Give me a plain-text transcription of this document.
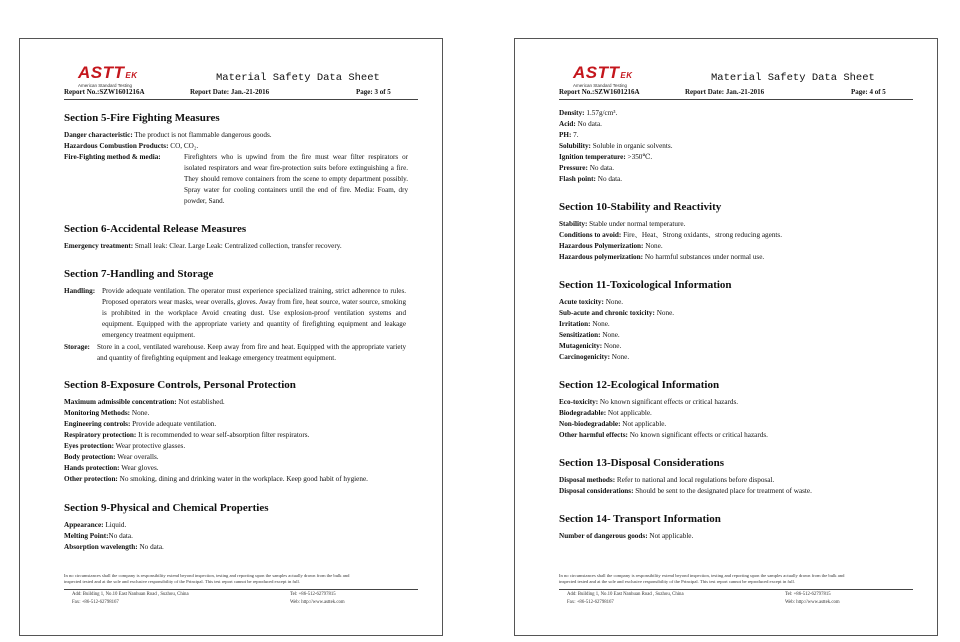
ASTTEK
American Standard Testing
Material Safety Data Sheet
Report No.:SZW1601216A	Report Date: Jan.-21-2016	Page: 3 of 5
Section 5-Fire Fighting Measures
Danger characteristic: The product is not flammable dangerous goods.
Hazardous Combustion Products: CO, CO₂.
Fire-Fighting method & media:	Firefighters who is upwind from the fire must wear filter respirators or isolated respirators and wear fire-protection suits before extinguishing a fire. They should remove containers from the scene to empty department possibly. Spray water for cooling containers until the end of fire. Media: Foam, dry powder, Sand.
Section 6-Accidental Release Measures
Emergency treatment: Small leak: Clear. Large Leak: Centralized collection, transfer recovery.
Section 7-Handling and Storage
Handling: Provide adequate ventilation. The operator must experience specialized training, strict adherence to rules. Proposed operators wear masks, wear overalls, gloves. Away from fire, heat source, water source, smoking is prohibited in the workplace Avoid creating dust. Use explosion-proof ventilation systems and equipment. Equipped with the appropriate variety and quantity of firefighting equipment and leakage emergency treatment equipment.
Storage: Store in a cool, ventilated warehouse. Keep away from fire and heat. Equipped with the appropriate variety and quantity of firefighting equipment and leakage emergency treatment equipment.
Section 8-Exposure Controls, Personal Protection
Maximum admissible concentration: Not established.
Monitoring Methods: None.
Engineering controls: Provide adequate ventilation.
Respiratory protection: It is recommended to wear self-absorption filter respirators.
Eyes protection: Wear protective glasses.
Body protection: Wear overalls.
Hands protection: Wear gloves.
Other protection: No smoking, dining and drinking water in the workplace. Keep good habit of hygiene.
Section 9-Physical and Chemical Properties
Appearance: Liquid.
Melting Point:No data.
Absorption wavelength: No data.
In no circumstances shall the company is responsibility extend beyond inspection, testing and reporting upon the samples actually drawn from the bulk and
inspected tested and at the sole and exclusive responsibility of the Principal. This test report cannot be reproduced except in full.
Add: Building 1, No.10 East Nanhuan Road , Suzhou, China
Fax: +86-512-62798167
Tel: +86-512-62797815
Web: http://www.asttek.com
ASTTEK
American Standard Testing
Material Safety Data Sheet
Report No.:SZW1601216A	Report Date: Jan.-21-2016	Page: 4 of 5
Density: 1.57g/cm³.
Acid: No data.
PH: 7.
Solubility: Soluble in organic solvents.
Ignition temperature: >350℃.
Pressure: No data.
Flash point: No data.
Section 10-Stability and Reactivity
Stability: Stable under normal temperature.
Conditions to avoid: Fire、Heat、Strong oxidants、strong reducing agents.
Hazardous Polymerization: None.
Hazardous polymerization: No harmful substances under normal use.
Section 11-Toxicological Information
Acute toxicity: None.
Sub-acute and chronic toxicity: None.
Irritation: None.
Sensitization: None.
Mutagenicity: None.
Carcinogenicity: None.
Section 12-Ecological Information
Eco-toxicity: No known significant effects or critical hazards.
Biodegradable: Not applicable.
Non-biodegradable: Not applicable.
Other harmful effects: No known significant effects or critical hazards.
Section 13-Disposal Considerations
Disposal methods: Refer to national and local regulations before disposal.
Disposal considerations: Should be sent to the designated place for treatment of waste.
Section 14- Transport Information
Number of dangerous goods: Not applicable.
In no circumstances shall the company is responsibility extend beyond inspection, testing and reporting upon the samples actually drawn from the bulk and
inspected tested and at the sole and exclusive responsibility of the Principal. This test report cannot be reproduced except in full.
Add: Building 1, No.10 East Nanhuan Road , Suzhou, China
Fax: +86-512-62798167
Tel: +86-512-62797815
Web: http://www.asttek.com
